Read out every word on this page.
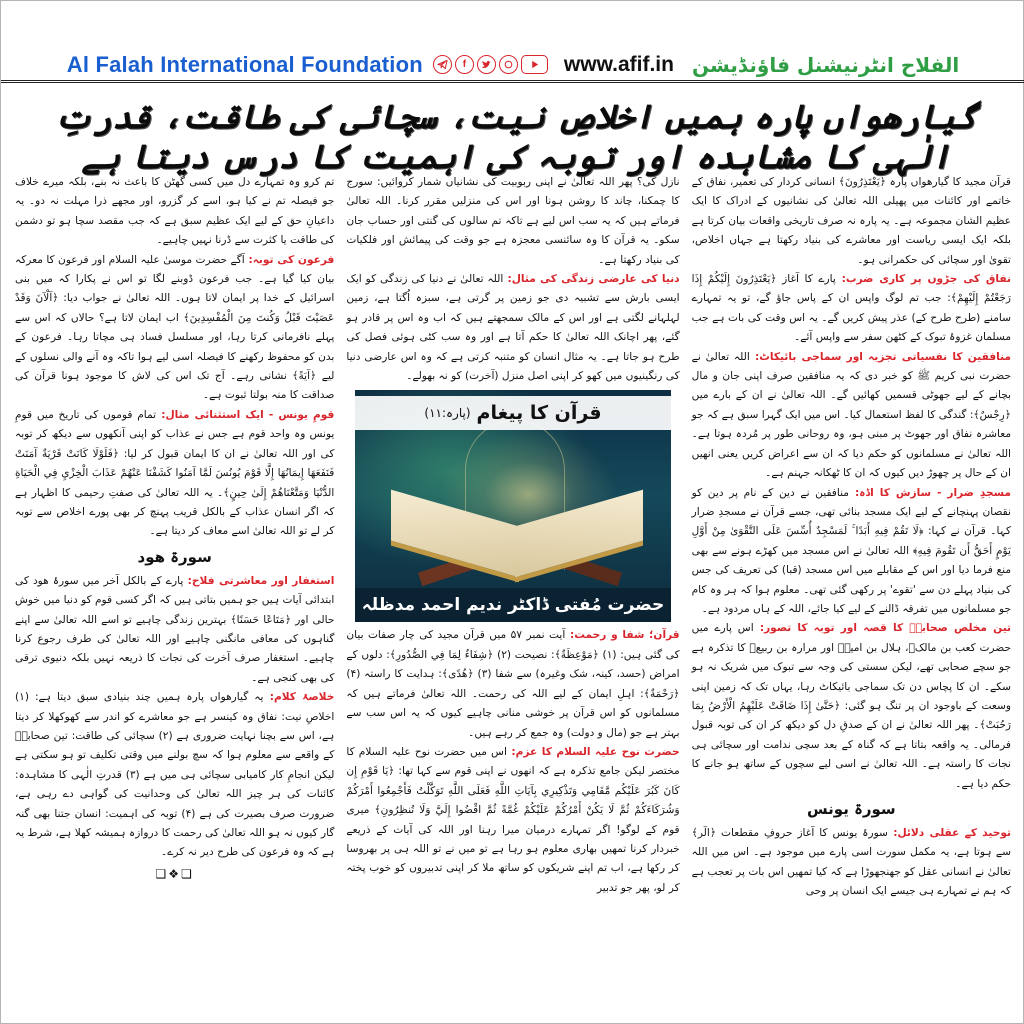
Al Falah International Foundation	f	www.afif.in الفلاح انٹرنیشنل فاؤنڈیشن
گیارھواں پارہ ہمیں اخلاصِ نیت، سچائی کی طاقت، قدرتِ الٰہی کا مشاہدہ اور توبہ کی اہمیت کا درس دیتا ہے

قرآن مجید کا گیارھواں پارہ ﴿يَعْتَذِرُونَ﴾ انسانی کردار کی تعمیر، نفاق کے خاتمے اور کائنات میں پھیلی اللہ تعالیٰ کی نشانیوں کے ادراک کا ایک عظیم الشان مجموعہ ہے۔ یہ پارہ نہ صرف تاریخی واقعات بیان کرتا ہے بلکہ ایک ایسی ریاست اور معاشرے کی بنیاد رکھتا ہے جہاں اخلاص، تقویٰ اور سچائی کی حکمرانی ہو۔

نفاق کی جڑوں پر کاری ضرب: پارے کا آغاز ﴿يَعْتَذِرُونَ إِلَيْكُمْ إِذَا رَجَعْتُمْ إِلَيْهِمْ﴾: جب تم لوگ واپس ان کے پاس جاؤ گے، تو یہ تمہارے سامنے (طرح طرح کے) عذر پیش کریں گے۔ یہ اس وقت کی بات ہے جب مسلمان غزوۂ تبوک کے کٹھن سفر سے واپس آئے۔

منافقین کا نفسیاتی تجزیہ اور سماجی بائیکاٹ: اللہ تعالیٰ نے حضرت نبی کریم ﷺ کو خبر دی کہ یہ منافقین صرف اپنی جان و مال بچانے کے لیے جھوٹی قسمیں کھائیں گے۔ اللہ تعالیٰ نے ان کے بارے میں ﴿رِجْسٌ﴾: گندگی کا لفظ استعمال کیا۔ اس میں ایک گہرا سبق ہے کہ جو معاشرہ نفاق اور جھوٹ پر مبنی ہو، وہ روحانی طور پر مُردہ ہوتا ہے۔ اللہ تعالیٰ نے مسلمانوں کو حکم دیا کہ ان سے اعراض کریں یعنی انھیں ان کے حال پر چھوڑ دیں کیوں کہ ان کا ٹھکانہ جہنم ہے۔

مسجدِ ضرار - سازش کا اڈہ: منافقین نے دین کے نام پر دین کو نقصان پہنچانے کے لیے ایک مسجد بنائی تھی، جسے قرآن نے مسجدِ ضرار کہا۔ قرآن نے کہا: ﴿لَا تَقُمْ فِيهِ أَبَدًا ۚ لَمَسْجِدٌ أُسِّسَ عَلَى التَّقْوَىٰ مِنْ أَوَّلِ يَوْمٍ أَحَقُّ أَن تَقُومَ فِيهِ﴾ اللہ تعالیٰ نے اس مسجد میں کھڑے ہونے سے بھی منع فرما دیا اور اس کے مقابلے میں اس مسجد (قبا) کی تعریف کی جس کی بنیاد پہلے دن سے 'تقوے' پر رکھی گئی تھی۔ معلوم ہوا کہ ہر وہ کام جو مسلمانوں میں تفرقہ ڈالنے کے لیے کیا جائے، اللہ کے ہاں مردود ہے۔

تین مخلص صحابہؓ کا قصہ اور توبہ کا تصور: اس پارے میں حضرت کعب بن مالکؓ، ہلال بن امیہؓ اور مرارہ بن ربیعؓ کا تذکرہ ہے جو سچے صحابی تھے، لیکن سستی کی وجہ سے تبوک میں شریک نہ ہو سکے۔ ان کا پچاس دن تک سماجی بائیکاٹ رہا، یہاں تک کہ زمین اپنی وسعت کے باوجود ان پر تنگ ہو گئی: ﴿حَتَّىٰ إِذَا ضَاقَتْ عَلَيْهِمُ الْأَرْضُ بِمَا رَحُبَتْ﴾۔ پھر اللہ تعالیٰ نے ان کے صدقِ دل کو دیکھ کر ان کی توبہ قبول فرمالی۔ یہ واقعہ بتاتا ہے کہ گناہ کے بعد سچی ندامت اور سچائی ہی نجات کا راستہ ہے۔ اللہ تعالیٰ نے اسی لیے سچوں کے ساتھ ہو جانے کا حکم دیا ہے۔

سورۃ یونس

توحید کے عقلی دلائل: سورۂ یونس کا آغاز حروفِ مقطعات ﴿الٓر﴾ سے ہوتا ہے، یہ مکمل سورت اسی پارے میں موجود ہے۔ اس میں اللہ تعالیٰ نے انسانی عقل کو جھنجھوڑا ہے کہ کیا تمھیں اس بات پر تعجب ہے کہ ہم نے تمہارے ہی جیسے ایک انسان پر وحی

نازل کی؟ پھر اللہ تعالیٰ نے اپنی ربوبیت کی نشانیاں شمار کروائیں: سورج کا چمکنا، چاند کا روشن ہونا اور اس کی منزلیں مقرر کرنا۔ اللہ تعالیٰ فرماتے ہیں کہ یہ سب اس لیے ہے تاکہ تم سالوں کی گنتی اور حساب جان سکو۔ یہ قرآن کا وہ سائنسی معجزہ ہے جو وقت کی پیمائش اور فلکیات کی بنیاد رکھتا ہے۔

دنیا کی عارضی زندگی کی مثال: اللہ تعالیٰ نے دنیا کی زندگی کو ایک ایسی بارش سے تشبیہ دی جو زمین پر گرتی ہے، سبزہ اُگتا ہے، زمین لہلہانے لگتی ہے اور اس کے مالک سمجھتے ہیں کہ اب وہ اس پر قادر ہو گئے، پھر اچانک اللہ تعالیٰ کا حکم آتا ہے اور وہ سب کٹی ہوئی فصل کی طرح ہو جاتا ہے۔ یہ مثال انسان کو متنبہ کرتی ہے کہ وہ اس عارضی دنیا کی رنگینیوں میں کھو کر اپنی اصل منزل (آخرت) کو نہ بھولے۔

قرآن کا پیغام
(پارہ:۱۱)
حضرت مُفتی ڈاکٹر ندیم احمد مدظلہ

قرآن؛ شفا و رحمت: آیت نمبر ۵۷ میں قرآن مجید کی چار صفات بیان کی گئی ہیں: (۱) ﴿مَوْعِظَةٌ﴾: نصیحت (۲) ﴿شِفَاءٌ لِمَا فِي الصُّدُورِ﴾: دلوں کے امراض (حسد، کینہ، شک وغیرہ) سے شفا (۳) ﴿هُدًى﴾: ہدایت کا راستہ (۴) ﴿رَحْمَةٌ﴾: اہلِ ایمان کے لیے اللہ کی رحمت۔ اللہ تعالیٰ فرماتے ہیں کہ مسلمانوں کو اس قرآن پر خوشی منانی چاہیے کیوں کہ یہ اس سب سے بہتر ہے جو (مال و دولت) وہ جمع کر رہے ہیں۔

حضرت نوح علیہ السلام کا عزم: اس میں حضرت نوح علیہ السلام کا مختصر لیکن جامع تذکرہ ہے کہ انھوں نے اپنی قوم سے کہا تھا: ﴿يَا قَوْمِ إِن كَانَ كَبُرَ عَلَيْكُم مَّقَامِي وَتَذْكِيرِي بِآيَاتِ اللَّهِ فَعَلَى اللَّهِ تَوَكَّلْتُ فَأَجْمِعُوا أَمْرَكُمْ وَشُرَكَاءَكُمْ ثُمَّ لَا يَكُنْ أَمْرُكُمْ عَلَيْكُمْ غُمَّةً ثُمَّ اقْضُوا إِلَيَّ وَلَا تُنظِرُونِ﴾ میری قوم کے لوگو! اگر تمہارے درمیان میرا رہنا اور اللہ کی آیات کے ذریعے خبردار کرنا تمھیں بھاری معلوم ہو رہا ہے تو میں نے تو اللہ ہی پر بھروسا کر رکھا ہے، اب تم اپنے شریکوں کو ساتھ ملا کر اپنی تدبیروں کو خوب پختہ کر لو، پھر جو تدبیر

تم کرو وہ تمہارے دل میں کسی گھٹن کا باعث نہ بنے، بلکہ میرے خلاف جو فیصلہ تم نے کیا ہو، اسے کر گزرو، اور مجھے ذرا مہلت نہ دو۔ یہ داعیانِ حق کے لیے ایک عظیم سبق ہے کہ جب مقصد سچا ہو تو دشمن کی طاقت یا کثرت سے ڈرنا نہیں چاہیے۔

فرعون کی توبہ: آگے حضرت موسیٰ علیہ السلام اور فرعون کا معرکہ بیان کیا گیا ہے۔ جب فرعون ڈوبنے لگا تو اس نے پکارا کہ میں بنی اسرائیل کے خدا پر ایمان لاتا ہوں۔ اللہ تعالیٰ نے جواب دیا: ﴿آلْآنَ وَقَدْ عَصَيْتَ قَبْلُ وَكُنتَ مِنَ الْمُفْسِدِينَ﴾ اب ایمان لاتا ہے؟ حالاں کہ اس سے پہلے نافرمانی کرتا رہا، اور مسلسل فساد ہی مچاتا رہا۔ فرعون کے بدن کو محفوظ رکھنے کا فیصلہ اسی لیے ہوا تاکہ وہ آنے والی نسلوں کے لیے ﴿آيَةً﴾ نشانی رہے۔ آج تک اس کی لاش کا موجود ہونا قرآن کی صداقت کا منہ بولتا ثبوت ہے۔

قومِ یونس - ایک استثنائی مثال: تمام قوموں کی تاریخ میں قومِ یونس وہ واحد قوم ہے جس نے عذاب کو اپنی آنکھوں سے دیکھ کر توبہ کی اور اللہ تعالیٰ نے ان کا ایمان قبول کر لیا: ﴿فَلَوْلَا كَانَتْ قَرْيَةٌ آمَنَتْ فَنَفَعَهَا إِيمَانُهَا إِلَّا قَوْمَ يُونُسَ لَمَّا آمَنُوا كَشَفْنَا عَنْهُمْ عَذَابَ الْخِزْيِ فِي الْحَيَاةِ الدُّنْيَا وَمَتَّعْنَاهُمْ إِلَىٰ حِينٍ﴾۔ یہ اللہ تعالیٰ کی صفتِ رحیمی کا اظہار ہے کہ اگر انسان عذاب کے بالکل قریب پہنچ کر بھی پورے اخلاص سے توبہ کر لے تو اللہ تعالیٰ اسے معاف کر دیتا ہے۔

سورۃ ھود

استغفار اور معاشرتی فلاح: پارے کے بالکل آخر میں سورۂ ھود کی ابتدائی آیات ہیں جو ہمیں بتاتی ہیں کہ اگر کسی قوم کو دنیا میں خوش حالی اور ﴿مَتَاعًا حَسَنًا﴾ بہترین زندگی چاہیے تو اسے اللہ تعالیٰ سے اپنے گناہوں کی معافی مانگنی چاہیے اور اللہ تعالیٰ کی طرف رجوع کرنا چاہیے۔ استغفار صرف آخرت کی نجات کا ذریعہ نہیں بلکہ دنیوی ترقی کی بھی کنجی ہے۔

خلاصۂ کلام: یہ گیارھواں پارہ ہمیں چند بنیادی سبق دیتا ہے: (۱) اخلاصِ نیت: نفاق وہ کینسر ہے جو معاشرے کو اندر سے کھوکھلا کر دیتا ہے، اس سے بچنا نہایت ضروری ہے (۲) سچائی کی طاقت: تین صحابہؓ کے واقعے سے معلوم ہوا کہ سچ بولنے میں وقتی تکلیف تو ہو سکتی ہے لیکن انجامِ کار کامیابی سچائی ہی میں ہے (۳) قدرتِ الٰہی کا مشاہدہ: کائنات کی ہر چیز اللہ تعالیٰ کی وحدانیت کی گواہی دے رہی ہے، ضرورت صرف بصیرت کی ہے (۴) توبہ کی اہمیت: انسان جتنا بھی گنہ گار کیوں نہ ہو اللہ تعالیٰ کی رحمت کا دروازہ ہمیشہ کھلا ہے، شرط یہ ہے کہ وہ فرعون کی طرح دیر نہ کرے۔

❑❖❑
